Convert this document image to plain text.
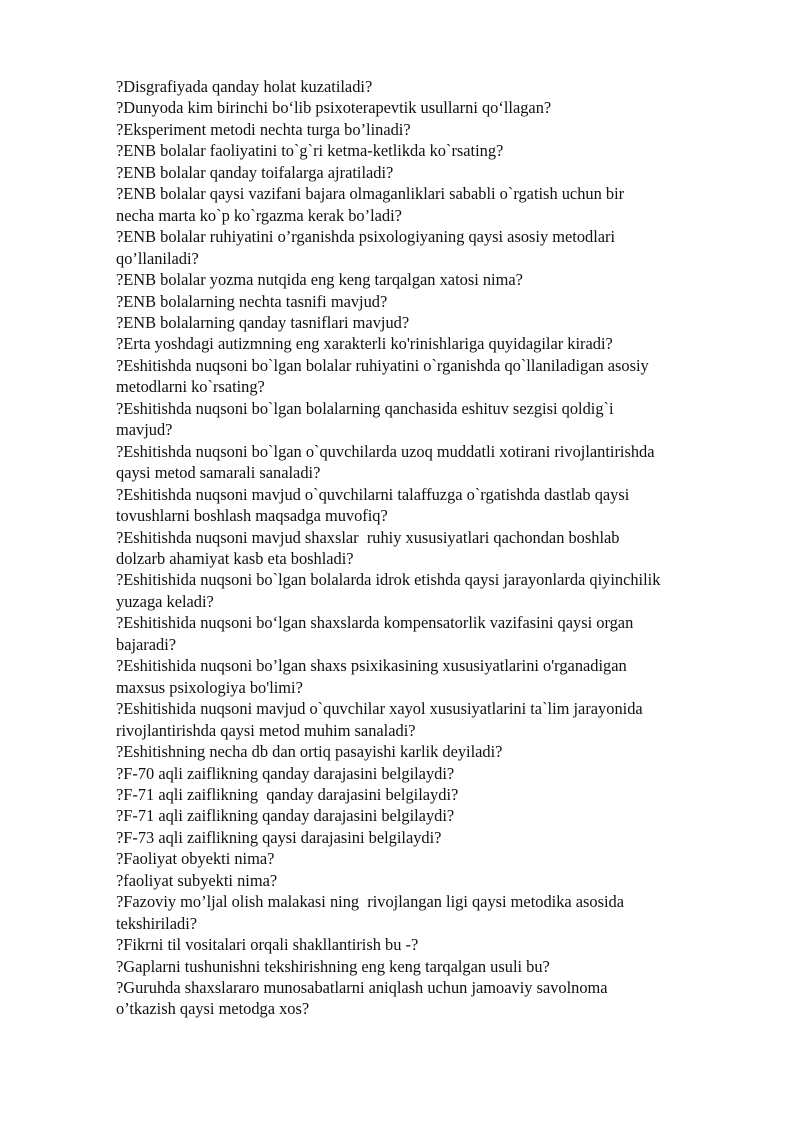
?Disgrafiyada qanday holat kuzatiladi?

?Dunyoda kim birinchi bo‘lib psixoterapevtik usullarni qo‘llagan?

?Eksperiment metodi nechta turga bo’linadi?

?ENB bolalar faoliyatini to`g`ri ketma-ketlikda ko`rsating?

?ENB bolalar qanday toifalarga ajratiladi?

?ENB bolalar qaysi vazifani bajara olmaganliklari sababli o`rgatish uchun bir
necha marta ko`p ko`rgazma kerak bo’ladi?

?ENB bolalar ruhiyatini o’rganishda psixologiyaning qaysi asosiy metodlari
qo’llaniladi?

?ENB bolalar yozma nutqida eng keng tarqalgan xatosi nima?

?ENB bolalarning nechta tasnifi mavjud?

?ENB bolalarning qanday tasniflari mavjud?

?Erta yoshdagi autizmning eng xarakterli ko'rinishlariga quyidagilar kiradi?

?Eshitishda nuqsoni bo`lgan bolalar ruhiyatini o`rganishda qo`llaniladigan asosiy
metodlarni ko`rsating?

?Eshitishda nuqsoni bo`lgan bolalarning qanchasida eshituv sezgisi qoldig`i
mavjud?

?Eshitishda nuqsoni bo`lgan o`quvchilarda uzoq muddatli xotirani rivojlantirishda
qaysi metod samarali sanaladi?

?Eshitishda nuqsoni mavjud o`quvchilarni talaffuzga o`rgatishda dastlab qaysi
tovushlarni boshlash maqsadga muvofiq?

?Eshitishda nuqsoni mavjud shaxslar  ruhiy xususiyatlari qachondan boshlab
dolzarb ahamiyat kasb eta boshladi?

?Eshitishida nuqsoni bo`lgan bolalarda idrok etishda qaysi jarayonlarda qiyinchilik
yuzaga keladi?

?Eshitishida nuqsoni bo‘lgan shaxslarda kompensatorlik vazifasini qaysi organ
bajaradi?

?Eshitishida nuqsoni bo’lgan shaxs psixikasining xususiyatlarini o'rganadigan
maxsus psixologiya bo'limi?

?Eshitishida nuqsoni mavjud o`quvchilar xayol xususiyatlarini ta`lim jarayonida
rivojlantirishda qaysi metod muhim sanaladi?

?Eshitishning necha db dan ortiq pasayishi karlik deyiladi?

?F-70 aqli zaiflikning qanday darajasini belgilaydi?

?F-71 aqli zaiflikning  qanday darajasini belgilaydi?

?F-71 aqli zaiflikning qanday darajasini belgilaydi?

?F-73 aqli zaiflikning qaysi darajasini belgilaydi?

?Faoliyat obyekti nima?

?faoliyat subyekti nima?

?Fazoviy mo’ljal olish malakasi ning  rivojlangan ligi qaysi metodika asosida
tekshiriladi?

?Fikrni til vositalari orqali shakllantirish bu -?

?Gaplarni tushunishni tekshirishning eng keng tarqalgan usuli bu?

?Guruhda shaxslararo munosabatlarni aniqlash uchun jamoaviy savolnoma
o’tkazish qaysi metodga xos?
